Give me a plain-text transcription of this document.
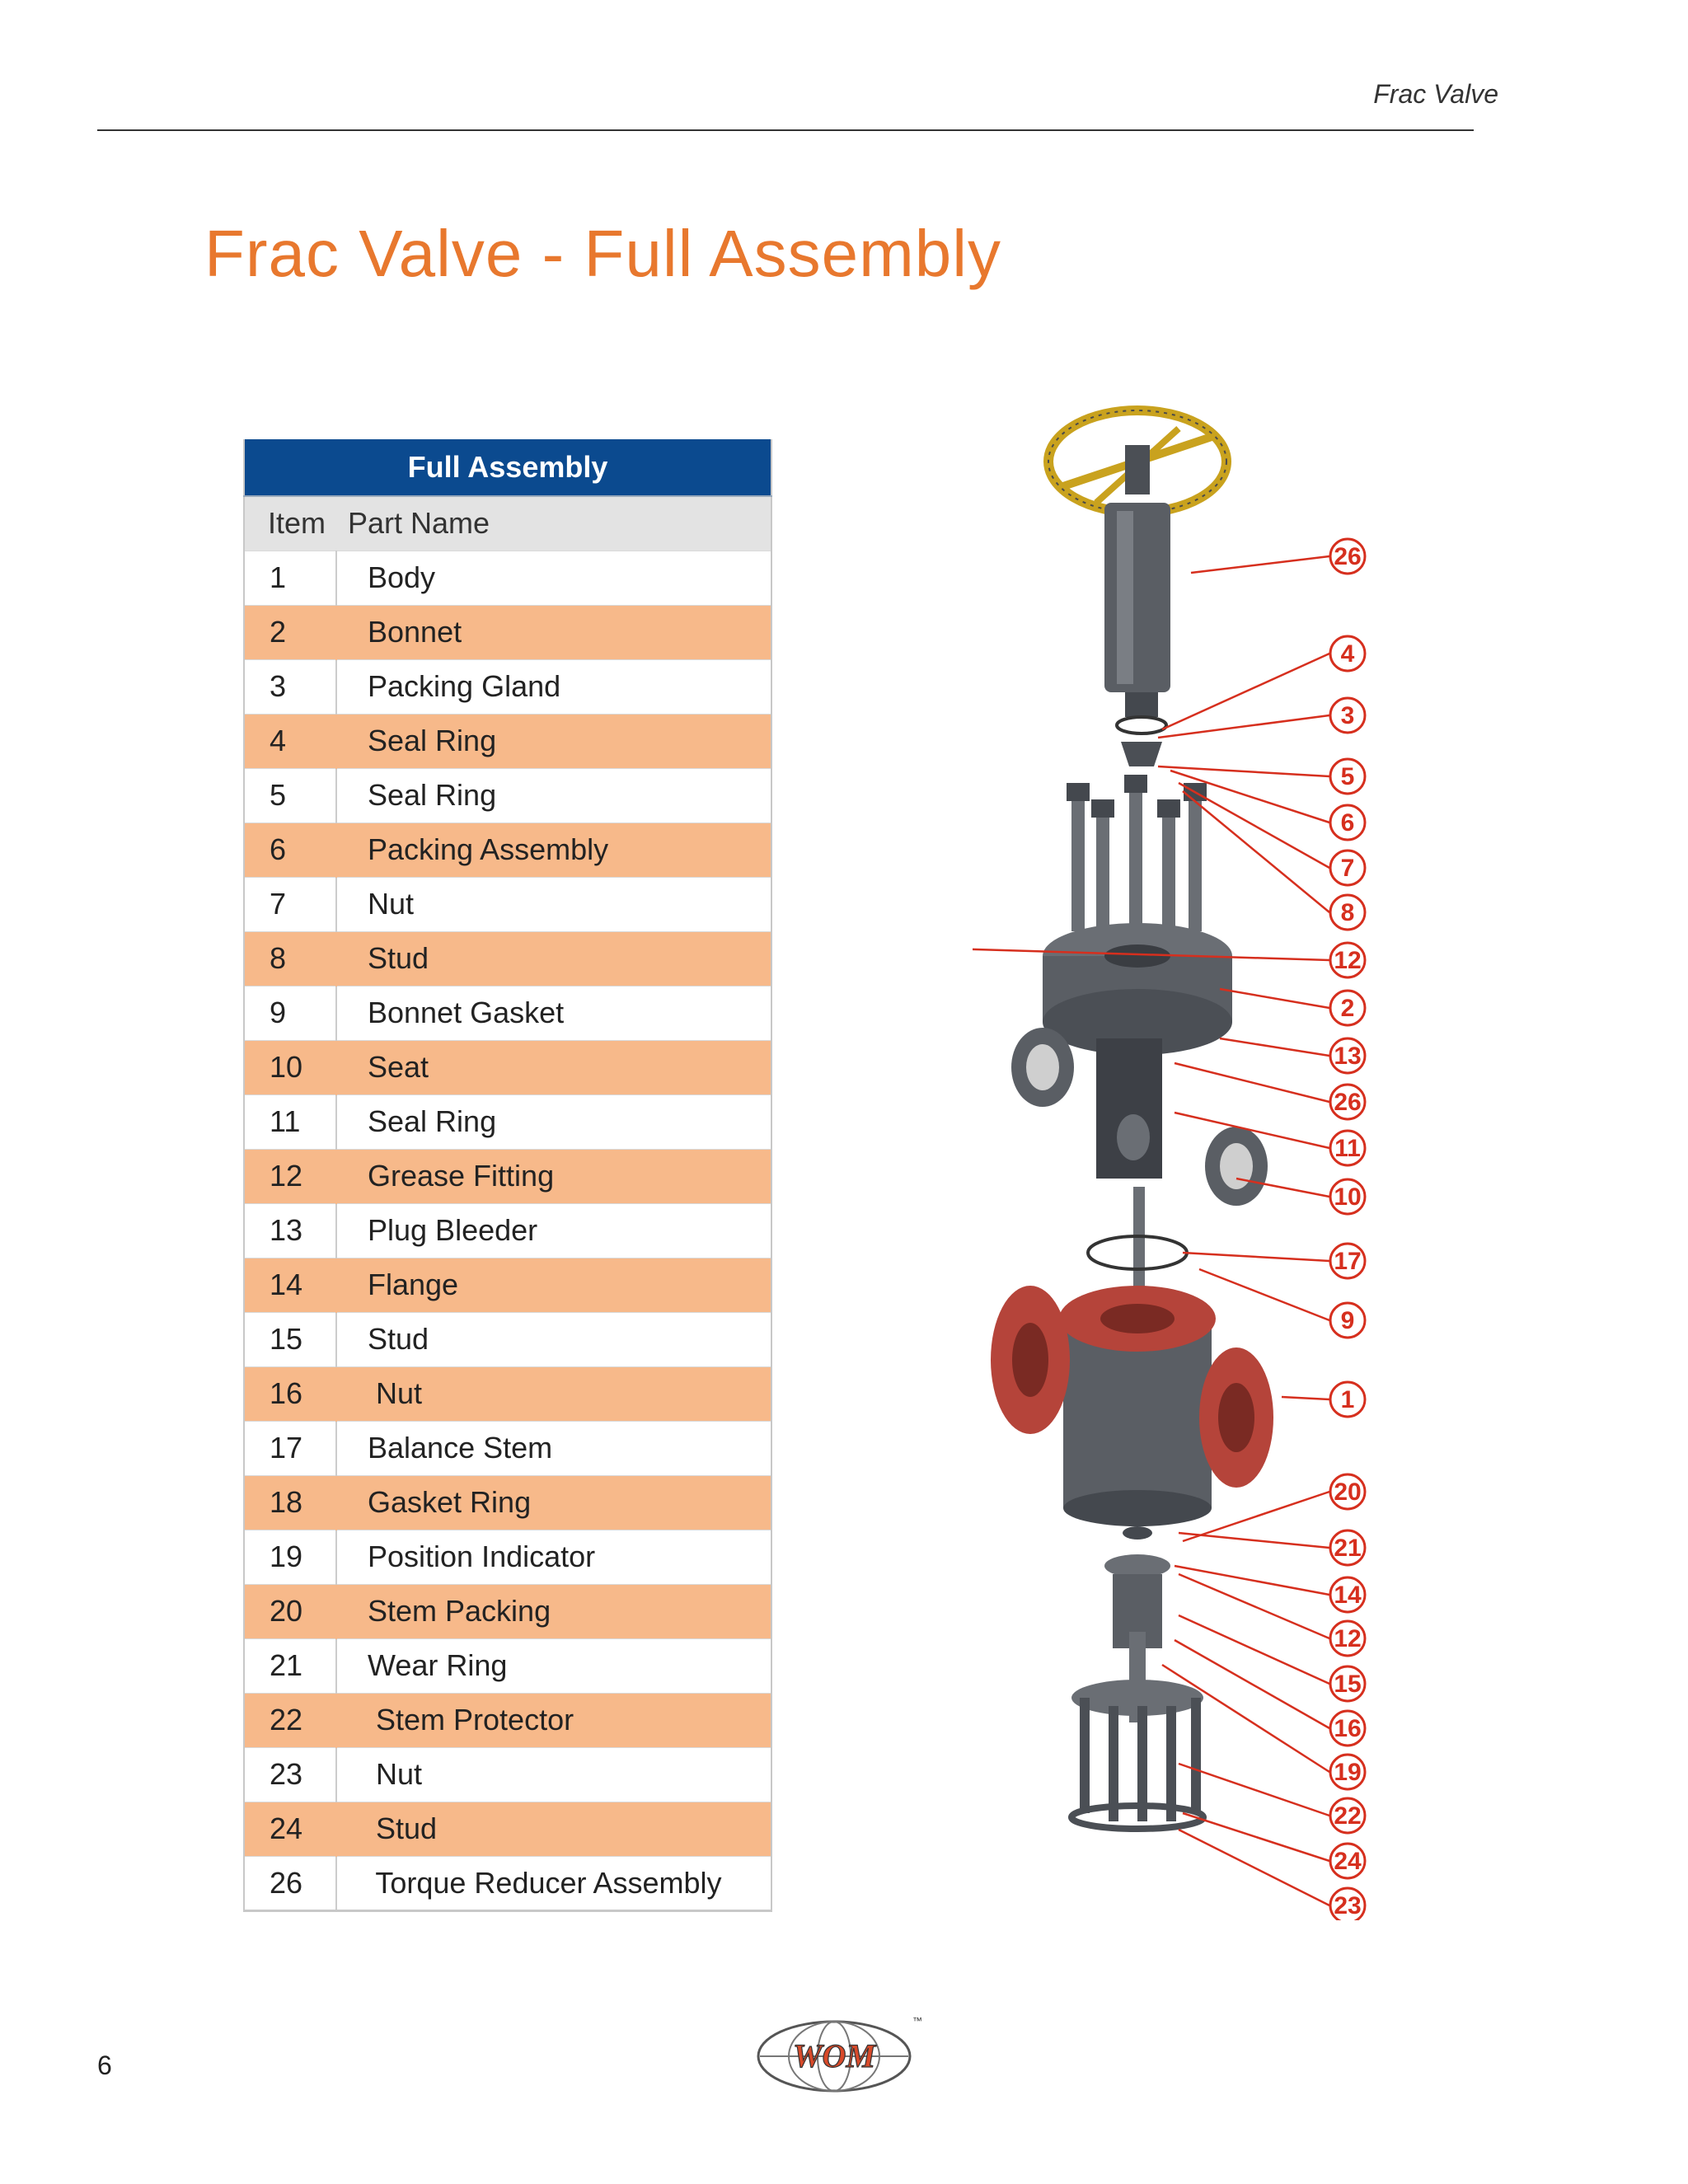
Frac Valve
Frac Valve - Full Assembly
Full Assembly	
Item	Part Name
1	Body
2	Bonnet
3	Packing Gland
4	Seal Ring
5	Seal Ring
6	Packing Assembly
7	Nut
8	Stud
9	Bonnet Gasket
10	Seat
11	Seal Ring
12	Grease Fitting
13	Plug Bleeder
14	Flange
15	Stud
16	Nut
17	Balance Stem
18	Gasket Ring
19	Position Indicator
20	Stem Packing
21	Wear Ring
22	Stem Protector
23	Nut
24	Stud
26	Torque Reducer Assembly
26
4
3
5
6
7
8
12
2
13
26
11
10
17
9
1
20
21
14
12
15
16
19
22
24
23
6	WOM
™
